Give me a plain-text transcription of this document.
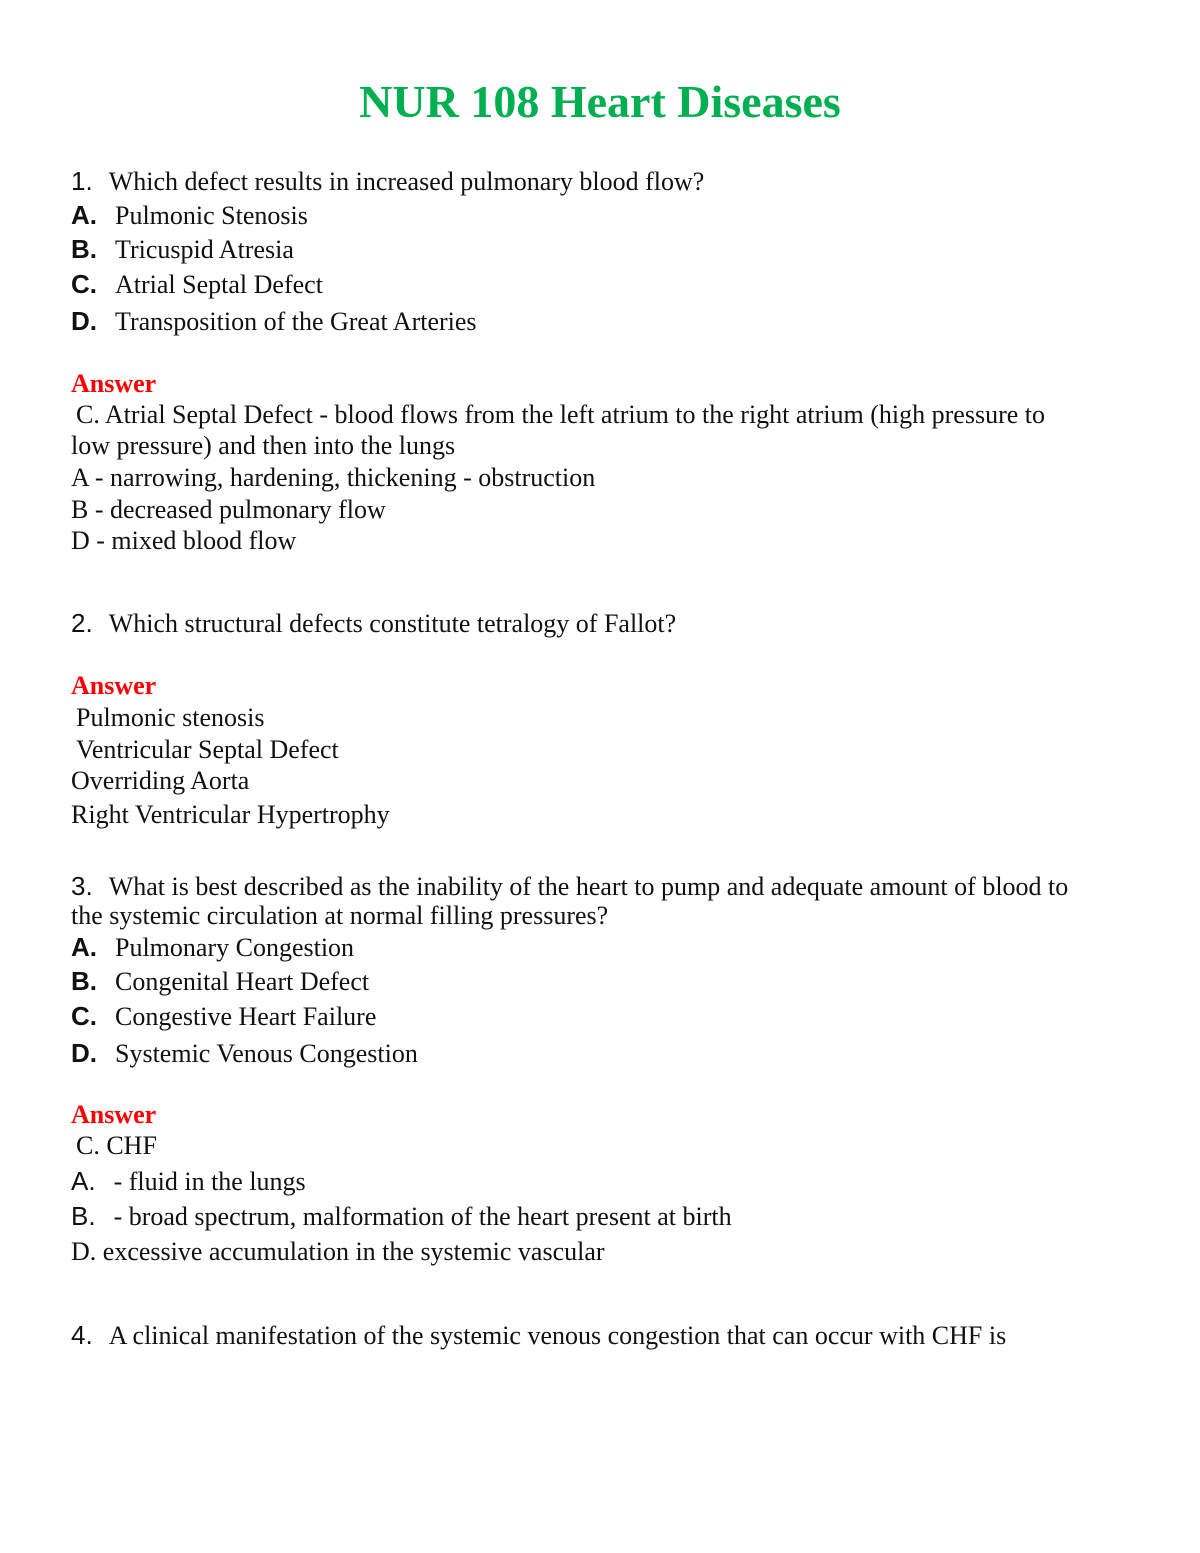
NUR 108 Heart Diseases
1. Which defect results in increased pulmonary blood flow?
A. Pulmonic Stenosis
B. Tricuspid Atresia
C. Atrial Septal Defect
D. Transposition of the Great Arteries
Answer
C. Atrial Septal Defect - blood flows from the left atrium to the right atrium (high pressure to
low pressure) and then into the lungs
A - narrowing, hardening, thickening - obstruction
B - decreased pulmonary flow
D - mixed blood flow
2. Which structural defects constitute tetralogy of Fallot?
Answer
Pulmonic stenosis
Ventricular Septal Defect
Overriding Aorta
Right Ventricular Hypertrophy
3. What is best described as the inability of the heart to pump and adequate amount of blood to
the systemic circulation at normal filling pressures?
A. Pulmonary Congestion
B. Congenital Heart Defect
C. Congestive Heart Failure
D. Systemic Venous Congestion
Answer
C. CHF
A. - fluid in the lungs
B. - broad spectrum, malformation of the heart present at birth
D. excessive accumulation in the systemic vascular
4. A clinical manifestation of the systemic venous congestion that can occur with CHF is
